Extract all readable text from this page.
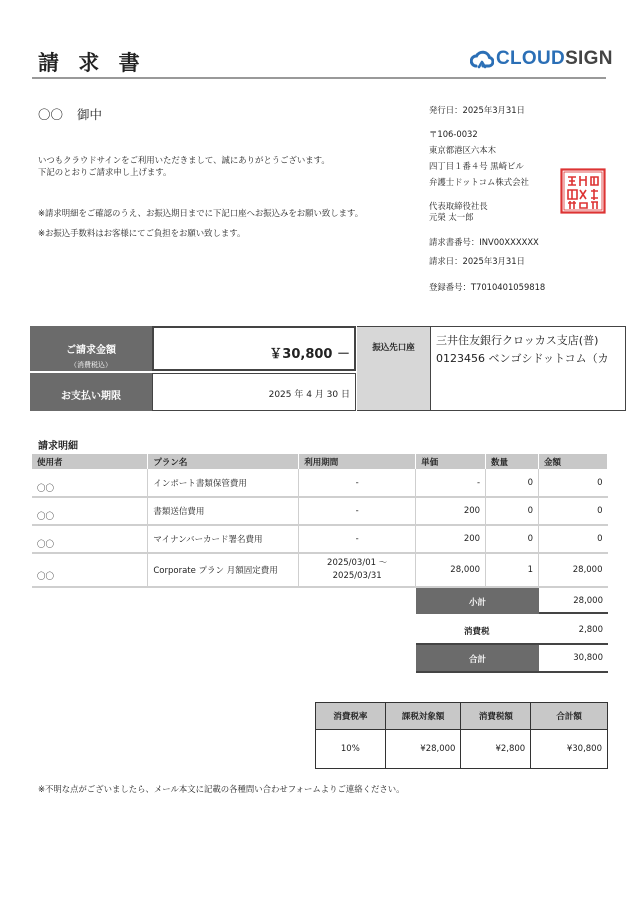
請 求 書	CLOUDSIGN
〇〇 御中
いつもクラウドサインをご利用いただきまして、誠にありがとうございます。
下記のとおりご請求申し上げます。
※請求明細をご確認のうえ、お振込期日までに下記口座へお振込みをお願い致します。
※お振込手数料はお客様にてご負担をお願い致します。
発行日：2025年3月31日
〒106-0032
東京都港区六本木
四丁目１番４号 黒崎ビル
弁護士ドットコム株式会社
代表取締役社長
元榮 太一郎
請求書番号：INV00XXXXXX
請求日：2025年3月31日
登録番号：T7010401059818
ご請求金額
（消費税込）
￥30,800 －
お支払い期限	2025 年 4 月 30 日
振込先口座
三井住友銀行クロッカス支店(普)
0123456 ベンゴシドットコム（カ
請求明細
使用者	プラン名	利用期間	単価	数量	金額
〇〇	インポート書類保管費用	-	-	0	0
〇〇	書類送信費用	-	200	0	0
〇〇	マイナンバーカード署名費用	-	200	0	0
〇〇	Corporate プラン 月額固定費用	2025/03/01 〜 2025/03/31	28,000	1	28,000
小計	28,000
消費税	2,800
合計	30,800
消費税率	課税対象額	消費税額	合計額
10%	¥28,000	¥2,800	¥30,800
※不明な点がございましたら、メール本文に記載の各種問い合わせフォームよりご連絡ください。
